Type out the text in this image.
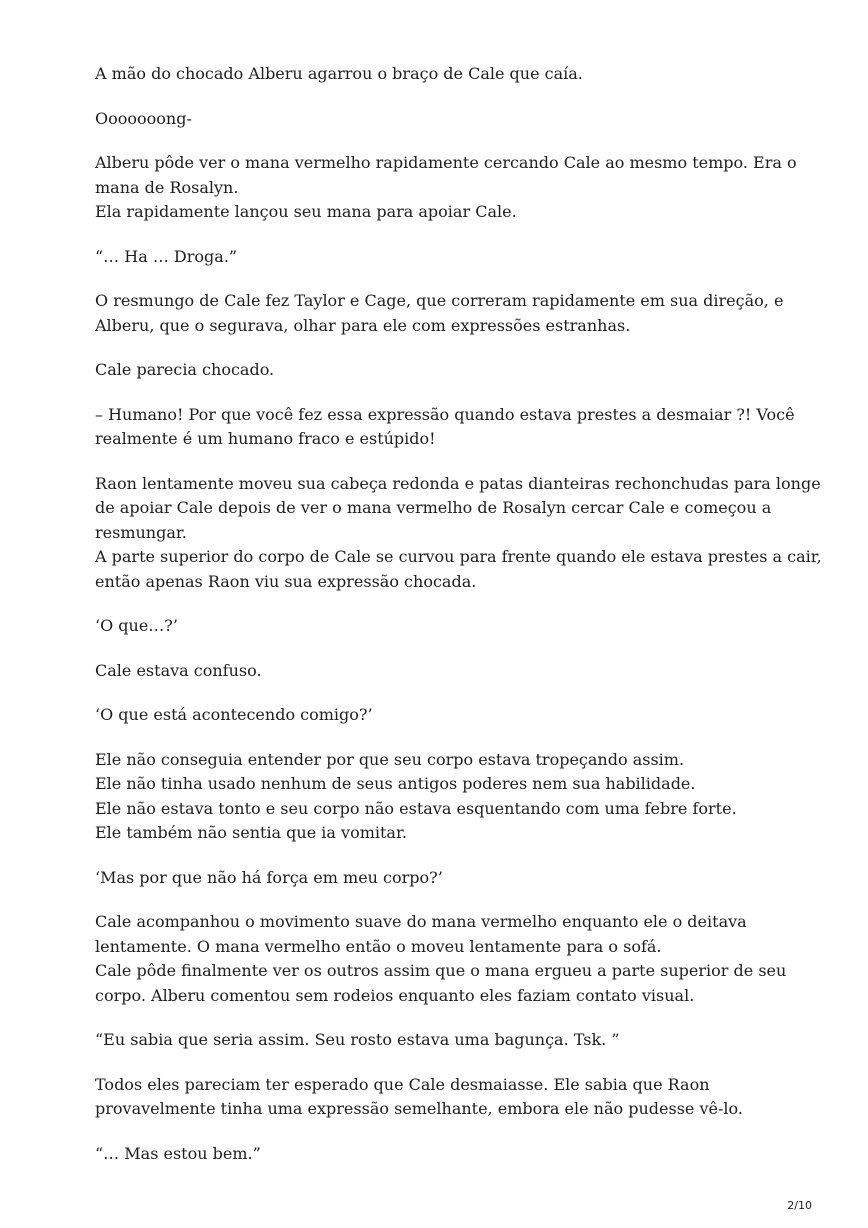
A mão do chocado Alberu agarrou o braço de Cale que caía.

Ooooooong-

Alberu pôde ver o mana vermelho rapidamente cercando Cale ao mesmo tempo. Era o
mana de Rosalyn.
Ela rapidamente lançou seu mana para apoiar Cale.

“… Ha … Droga.”

O resmungo de Cale fez Taylor e Cage, que correram rapidamente em sua direção, e
Alberu, que o segurava, olhar para ele com expressões estranhas.

Cale parecia chocado.

– Humano! Por que você fez essa expressão quando estava prestes a desmaiar ?! Você
realmente é um humano fraco e estúpido!

Raon lentamente moveu sua cabeça redonda e patas dianteiras rechonchudas para longe
de apoiar Cale depois de ver o mana vermelho de Rosalyn cercar Cale e começou a
resmungar.
A parte superior do corpo de Cale se curvou para frente quando ele estava prestes a cair,
então apenas Raon viu sua expressão chocada.

‘O que…?’

Cale estava confuso.

‘O que está acontecendo comigo?’

Ele não conseguia entender por que seu corpo estava tropeçando assim.
Ele não tinha usado nenhum de seus antigos poderes nem sua habilidade.
Ele não estava tonto e seu corpo não estava esquentando com uma febre forte.
Ele também não sentia que ia vomitar.

‘Mas por que não há força em meu corpo?’

Cale acompanhou o movimento suave do mana vermelho enquanto ele o deitava
lentamente. O mana vermelho então o moveu lentamente para o sofá.
Cale pôde finalmente ver os outros assim que o mana ergueu a parte superior de seu
corpo. Alberu comentou sem rodeios enquanto eles faziam contato visual.

“Eu sabia que seria assim. Seu rosto estava uma bagunça. Tsk. ”

Todos eles pareciam ter esperado que Cale desmaiasse. Ele sabia que Raon
provavelmente tinha uma expressão semelhante, embora ele não pudesse vê-lo.

“… Mas estou bem.”

2/10
